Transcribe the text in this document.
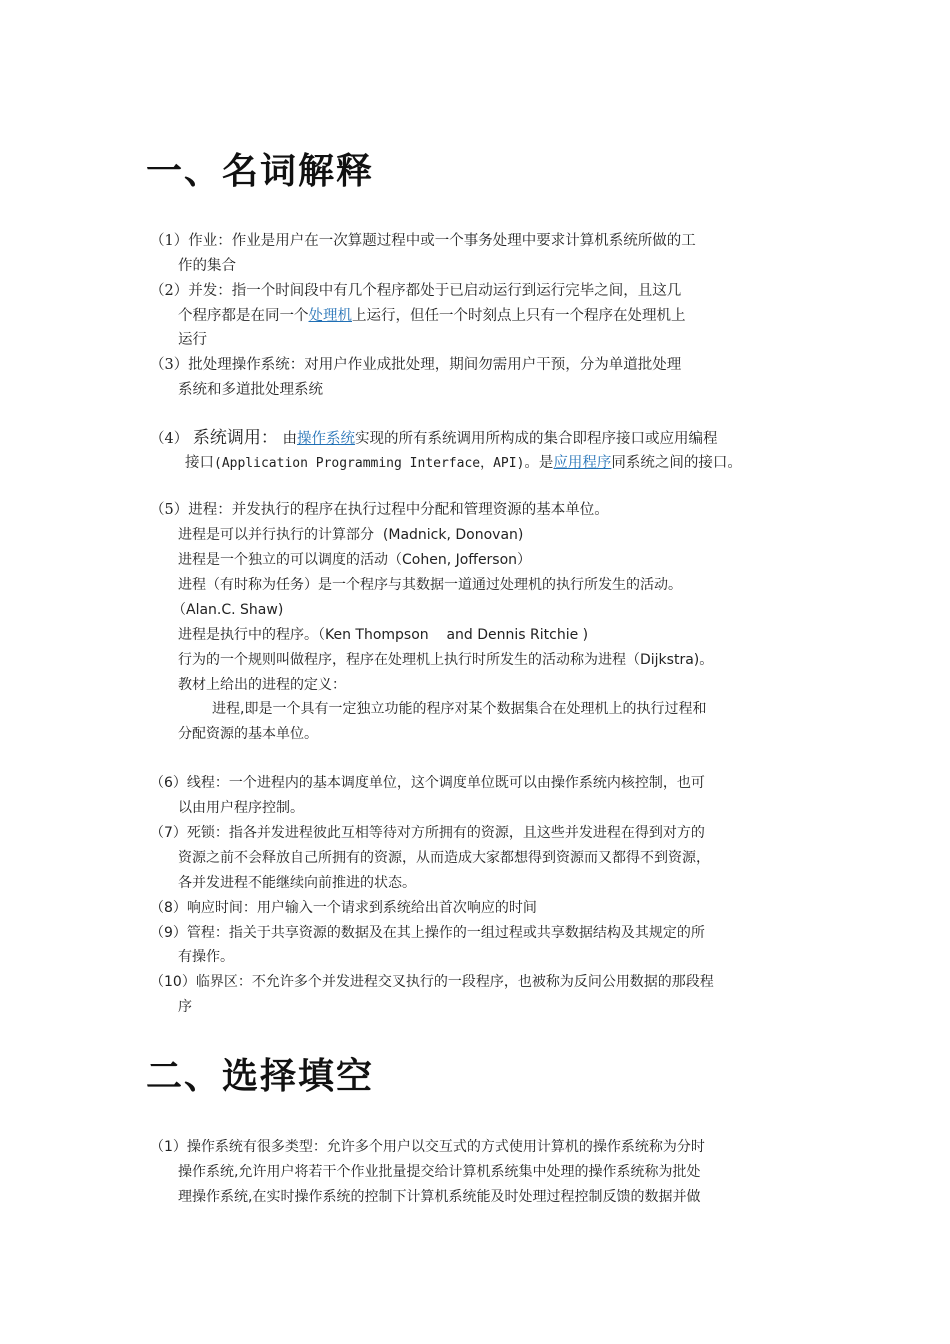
一、名词解释

（1）作业：作业是用户在一次算题过程中或一个事务处理中要求计算机系统所做的工

作的集合

（2）并发：指一个时间段中有几个程序都处于已启动运行到运行完毕之间，且这几

个程序都是在同一个处理机上运行，但任一个时刻点上只有一个程序在处理机上

运行

（3）批处理操作系统：对用户作业成批处理，期间勿需用户干预，分为单道批处理

系统和多道批处理系统

（4） 系统调用： 由操作系统实现的所有系统调用所构成的集合即程序接口或应用编程

接口(Application Programming Interface，API)。是应用程序同系统之间的接口。

（5）进程：并发执行的程序在执行过程中分配和管理资源的基本单位。

进程是可以并行执行的计算部分  (Madnick, Donovan)

进程是一个独立的可以调度的活动（Cohen, Jofferson）

进程（有时称为任务）是一个程序与其数据一道通过处理机的执行所发生的活动。

（Alan.C. Shaw)

进程是执行中的程序。（Ken Thompson    and Dennis Ritchie )

行为的一个规则叫做程序，程序在处理机上执行时所发生的活动称为进程（Dijkstra)。

教材上给出的进程的定义：

进程,即是一个具有一定独立功能的程序对某个数据集合在处理机上的执行过程和

分配资源的基本单位。

（6）线程：一个进程内的基本调度单位，这个调度单位既可以由操作系统内核控制，也可

以由用户程序控制。

（7）死锁：指各并发进程彼此互相等待对方所拥有的资源，且这些并发进程在得到对方的

资源之前不会释放自己所拥有的资源，从而造成大家都想得到资源而又都得不到资源，

各并发进程不能继续向前推进的状态。

（8）响应时间：用户输入一个请求到系统给出首次响应的时间

（9）管程：指关于共享资源的数据及在其上操作的一组过程或共享数据结构及其规定的所

有操作。

（10）临界区：不允许多个并发进程交叉执行的一段程序，也被称为反问公用数据的那段程

序

二、选择填空

（1）操作系统有很多类型：允许多个用户以交互式的方式使用计算机的操作系统称为分时

操作系统,允许用户将若干个作业批量提交给计算机系统集中处理的操作系统称为批处

理操作系统,在实时操作系统的控制下计算机系统能及时处理过程控制反馈的数据并做
